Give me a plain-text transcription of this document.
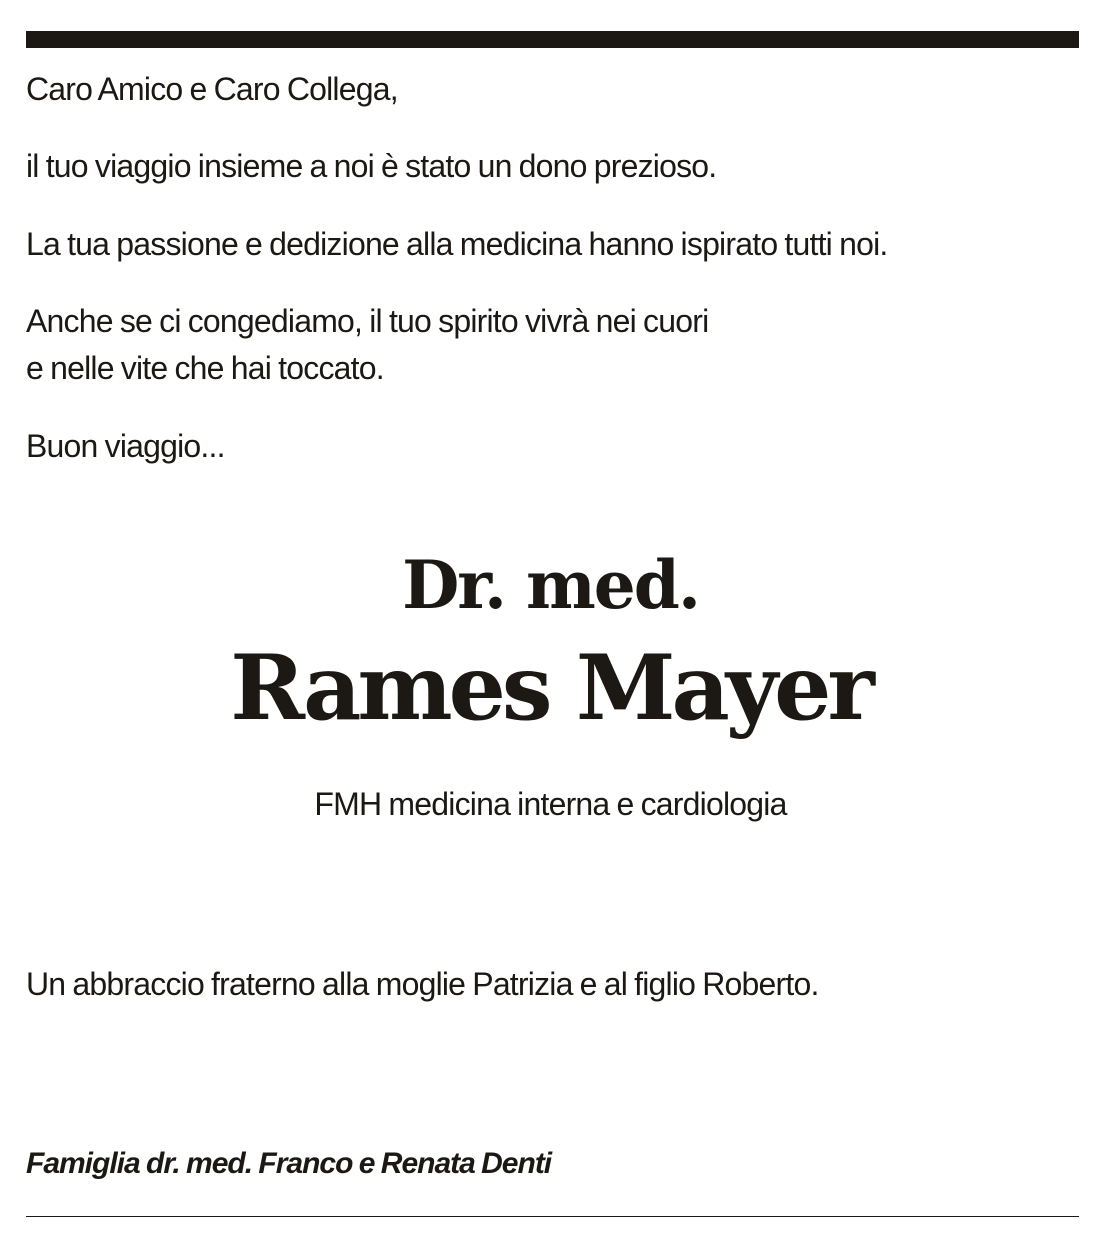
Caro Amico e Caro Collega,

il tuo viaggio insieme a noi è stato un dono prezioso.

La tua passione e dedizione alla medicina hanno ispirato tutti noi.

Anche se ci congediamo, il tuo spirito vivrà nei cuori

e nelle vite che hai toccato.

Buon viaggio...

Dr. med.
Rames Mayer

FMH medicina interna e cardiologia

Un abbraccio fraterno alla moglie Patrizia e al figlio Roberto.

Famiglia dr. med. Franco e Renata Denti
